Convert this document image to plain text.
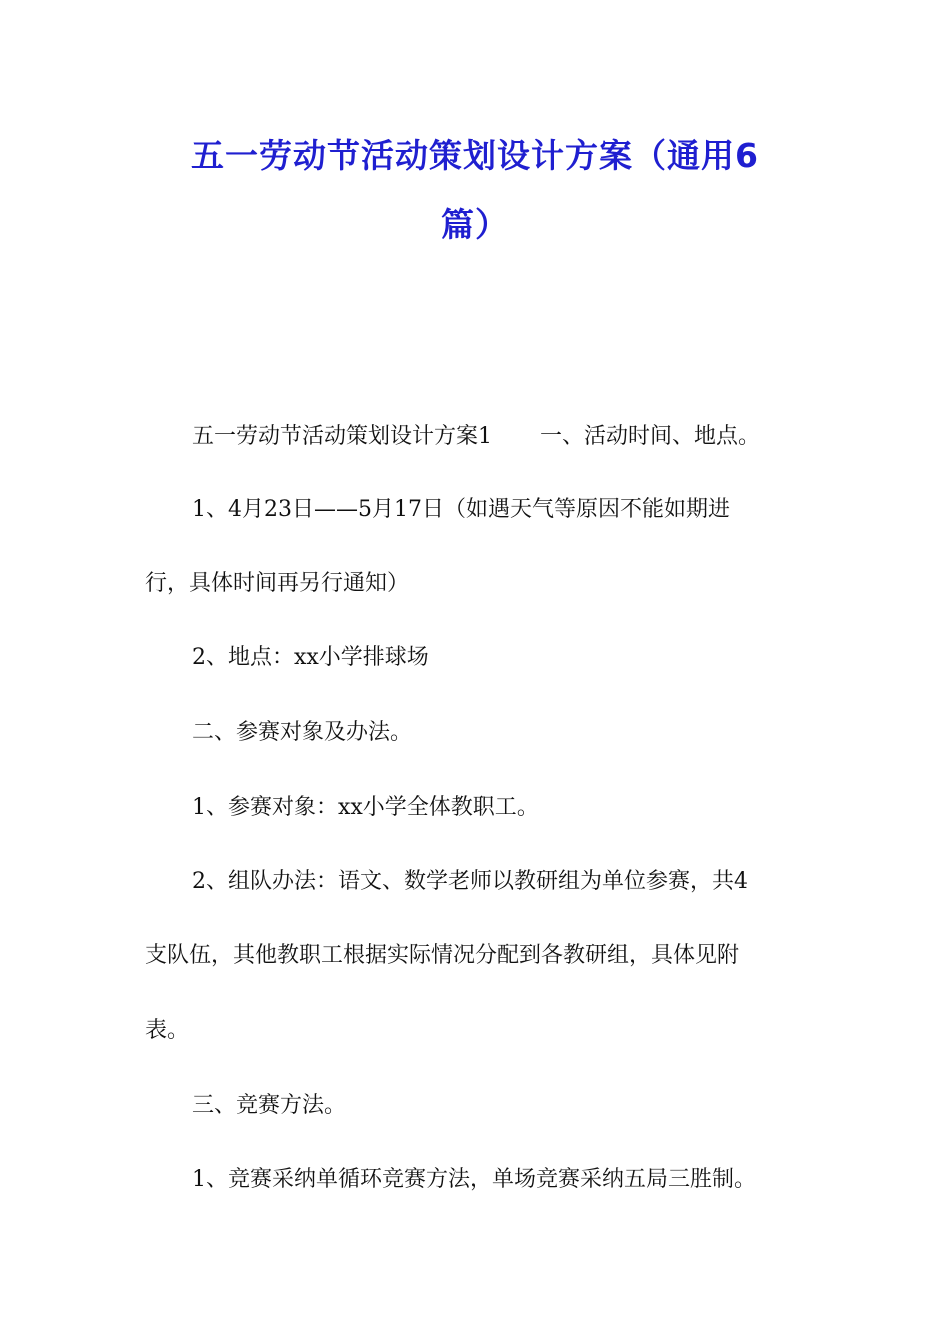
五一劳动节活动策划设计方案（通用6
篇）

五一劳动节活动策划设计方案1 一、活动时间、地点。

1、4月23日——5月17日（如遇天气等原因不能如期进

行，具体时间再另行通知）

2、地点：xx小学排球场

二、参赛对象及办法。

1、参赛对象：xx小学全体教职工。

2、组队办法：语文、数学老师以教研组为单位参赛，共4

支队伍，其他教职工根据实际情况分配到各教研组，具体见附

表。

三、竞赛方法。

1、竞赛采纳单循环竞赛方法，单场竞赛采纳五局三胜制。
